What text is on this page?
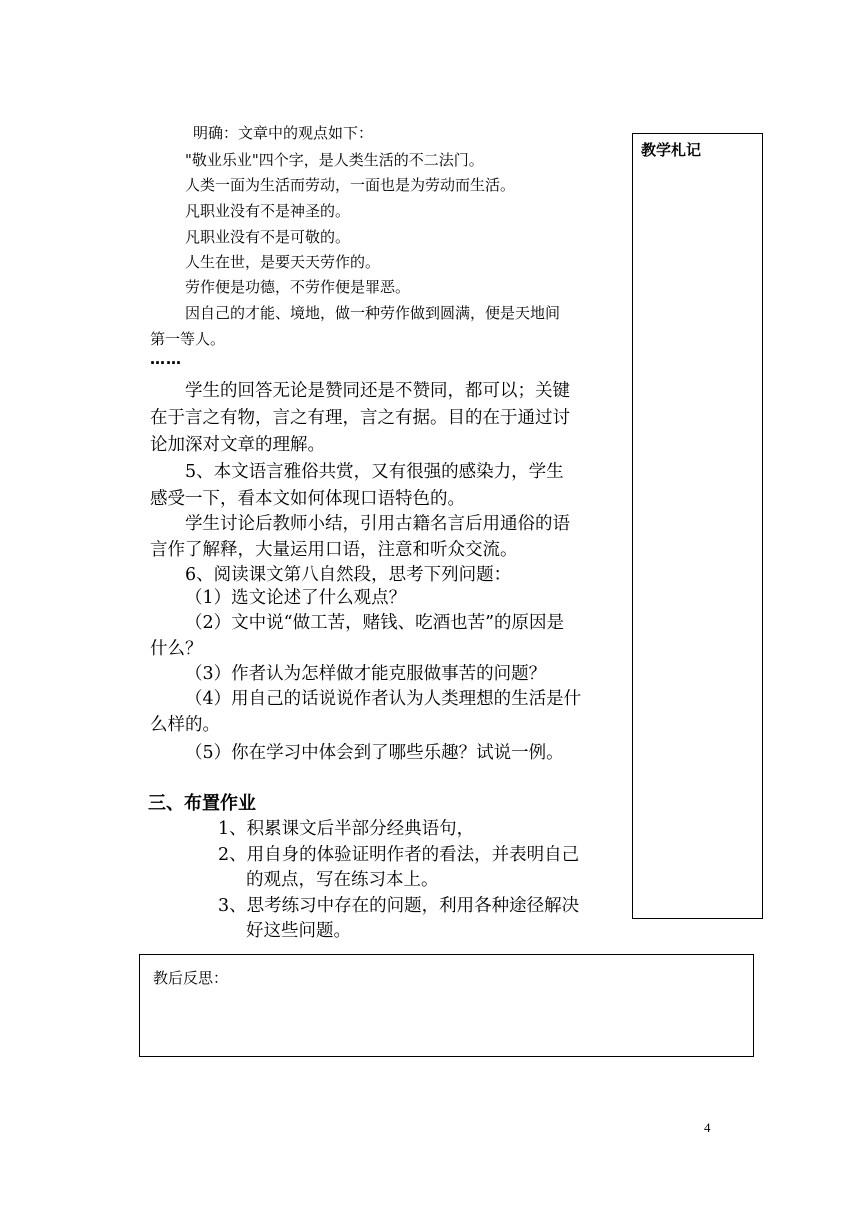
教学札记
明确：文章中的观点如下：
"敬业乐业"四个字，是人类生活的不二法门。
人类一面为生活而劳动，一面也是为劳动而生活。
凡职业没有不是神圣的。
凡职业没有不是可敬的。
人生在世，是要天天劳作的。
劳作便是功德，不劳作便是罪恶。
因自己的才能、境地，做一种劳作做到圆满，便是天地间
第一等人。
……
学生的回答无论是赞同还是不赞同，都可以；关键
在于言之有物，言之有理，言之有据。目的在于通过讨
论加深对文章的理解。
5、本文语言雅俗共赏，又有很强的感染力，学生
感受一下，看本文如何体现口语特色的。
学生讨论后教师小结，引用古籍名言后用通俗的语
言作了解释，大量运用口语，注意和听众交流。
6、阅读课文第八自然段，思考下列问题：
（1）选文论述了什么观点？
（2）文中说“做工苦，赌钱、吃酒也苦”的原因是
什么？
（3）作者认为怎样做才能克服做事苦的问题？
（4）用自己的话说说作者认为人类理想的生活是什
么样的。
（5）你在学习中体会到了哪些乐趣？试说一例。
三、布置作业
1、积累课文后半部分经典语句，
2、用自身的体验证明作者的看法，并表明自己
的观点，写在练习本上。
3、思考练习中存在的问题，利用各种途径解决
好这些问题。
教后反思：
4
